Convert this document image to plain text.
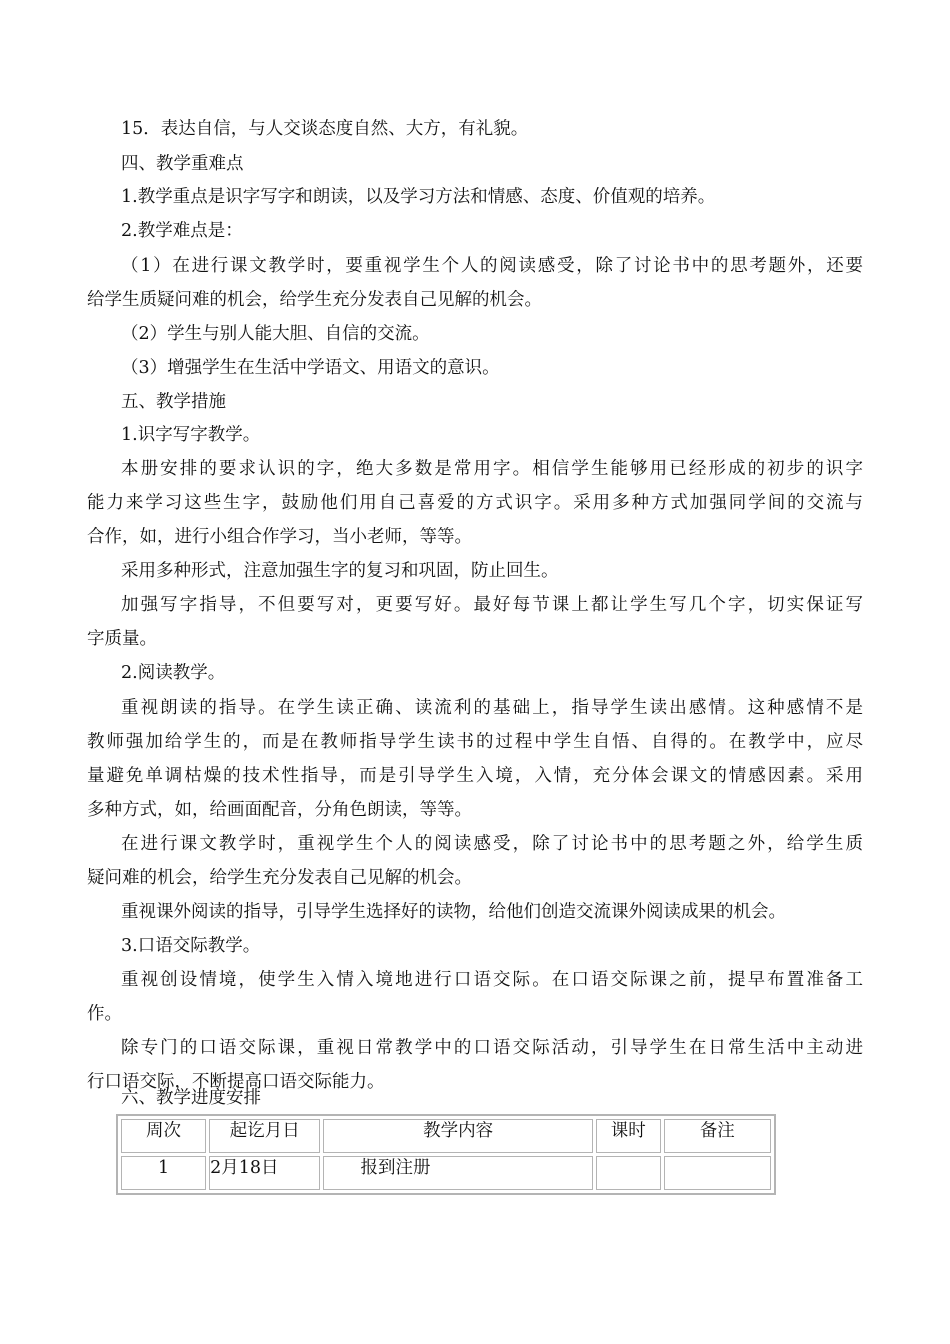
15．表达自信，与人交谈态度自然、大方，有礼貌。
四、教学重难点
1.教学重点是识字写字和朗读，以及学习方法和情感、态度、价值观的培养。
2.教学难点是：
（1）在进行课文教学时，要重视学生个人的阅读感受，除了讨论书中的思考题外，还要
给学生质疑问难的机会，给学生充分发表自己见解的机会。
（2）学生与别人能大胆、自信的交流。
（3）增强学生在生活中学语文、用语文的意识。
五、教学措施
1.识字写字教学。
本册安排的要求认识的字，绝大多数是常用字。相信学生能够用已经形成的初步的识字
能力来学习这些生字，鼓励他们用自己喜爱的方式识字。采用多种方式加强同学间的交流与
合作，如，进行小组合作学习，当小老师，等等。
采用多种形式，注意加强生字的复习和巩固，防止回生。
加强写字指导，不但要写对，更要写好。最好每节课上都让学生写几个字，切实保证写
字质量。
2.阅读教学。
重视朗读的指导。在学生读正确、读流利的基础上，指导学生读出感情。这种感情不是
教师强加给学生的，而是在教师指导学生读书的过程中学生自悟、自得的。在教学中，应尽
量避免单调枯燥的技术性指导，而是引导学生入境，入情，充分体会课文的情感因素。采用
多种方式，如，给画面配音，分角色朗读，等等。
在进行课文教学时，重视学生个人的阅读感受，除了讨论书中的思考题之外，给学生质
疑问难的机会，给学生充分发表自己见解的机会。
重视课外阅读的指导，引导学生选择好的读物，给他们创造交流课外阅读成果的机会。
3.口语交际教学。
重视创设情境，使学生入情入境地进行口语交际。在口语交际课之前，提早布置准备工
作。
除专门的口语交际课，重视日常教学中的口语交际活动，引导学生在日常生活中主动进
行口语交际，不断提高口语交际能力。
六、教学进度安排
周次	起讫月日	教学内容	课时	备注
1	2月18日	报到注册		
